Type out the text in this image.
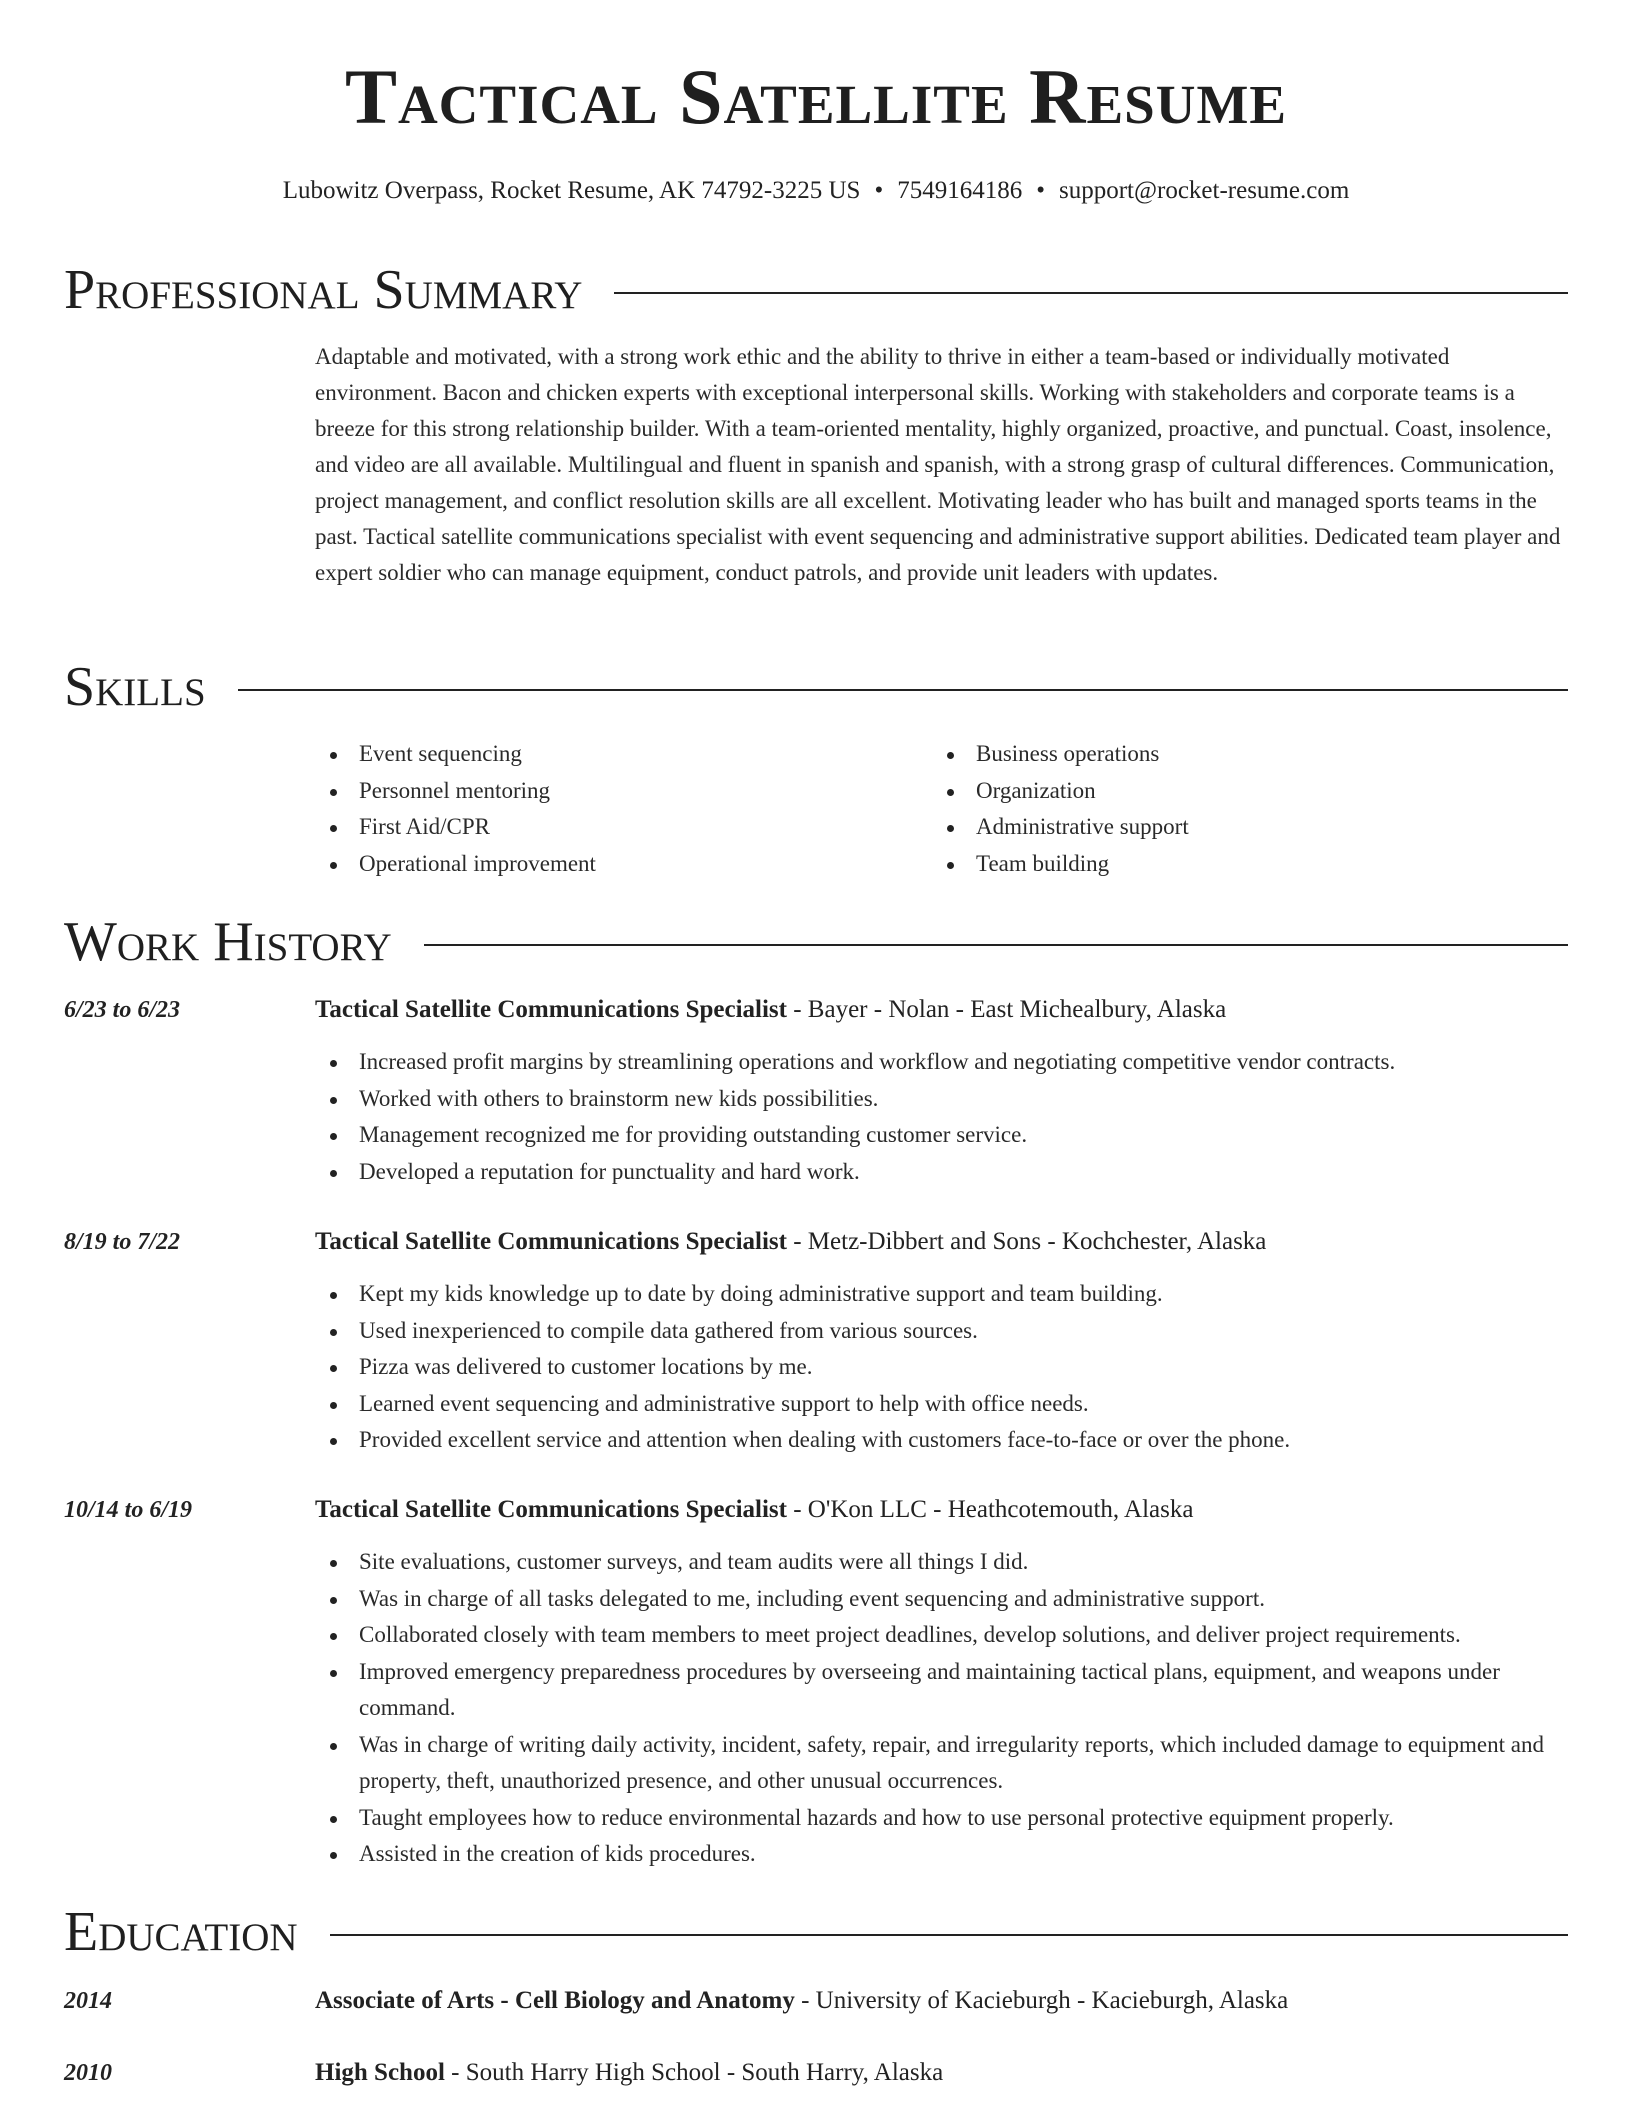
Tactical Satellite Resume
Lubowitz Overpass, Rocket Resume, AK 74792-3225 US • 7549164186 • support@rocket-resume.com
Professional Summary

Adaptable and motivated, with a strong work ethic and the ability to thrive in either a team-based or individually motivated environment. Bacon and chicken experts with exceptional interpersonal skills. Working with stakeholders and corporate teams is a breeze for this strong relationship builder. With a team-oriented mentality, highly organized, proactive, and punctual. Coast, insolence, and video are all available. Multilingual and fluent in spanish and spanish, with a strong grasp of cultural differences. Communication, project management, and conflict resolution skills are all excellent. Motivating leader who has built and managed sports teams in the past. Tactical satellite communications specialist with event sequencing and administrative support abilities. Dedicated team player and expert soldier who can manage equipment, conduct patrols, and provide unit leaders with updates.

Skills
Event sequencing
Personnel mentoring
First Aid/CPR
Operational improvement
Business operations
Organization
Administrative support
Team building
Work History
6/23 to 6/23	Tactical Satellite Communications Specialist - Bayer - Nolan - East Michealbury, Alaska
Increased profit margins by streamlining operations and workflow and negotiating competitive vendor contracts.
Worked with others to brainstorm new kids possibilities.
Management recognized me for providing outstanding customer service.
Developed a reputation for punctuality and hard work.
8/19 to 7/22	Tactical Satellite Communications Specialist - Metz-Dibbert and Sons - Kochchester, Alaska
Kept my kids knowledge up to date by doing administrative support and team building.
Used inexperienced to compile data gathered from various sources.
Pizza was delivered to customer locations by me.
Learned event sequencing and administrative support to help with office needs.
Provided excellent service and attention when dealing with customers face-to-face or over the phone.
10/14 to 6/19	Tactical Satellite Communications Specialist - O'Kon LLC - Heathcotemouth, Alaska
Site evaluations, customer surveys, and team audits were all things I did.
Was in charge of all tasks delegated to me, including event sequencing and administrative support.
Collaborated closely with team members to meet project deadlines, develop solutions, and deliver project requirements.
Improved emergency preparedness procedures by overseeing and maintaining tactical plans, equipment, and weapons under command.
Was in charge of writing daily activity, incident, safety, repair, and irregularity reports, which included damage to equipment and property, theft, unauthorized presence, and other unusual occurrences.
Taught employees how to reduce environmental hazards and how to use personal protective equipment properly.
Assisted in the creation of kids procedures.
Education
2014	Associate of Arts - Cell Biology and Anatomy - University of Kacieburgh - Kacieburgh, Alaska
2010	High School - South Harry High School - South Harry, Alaska
